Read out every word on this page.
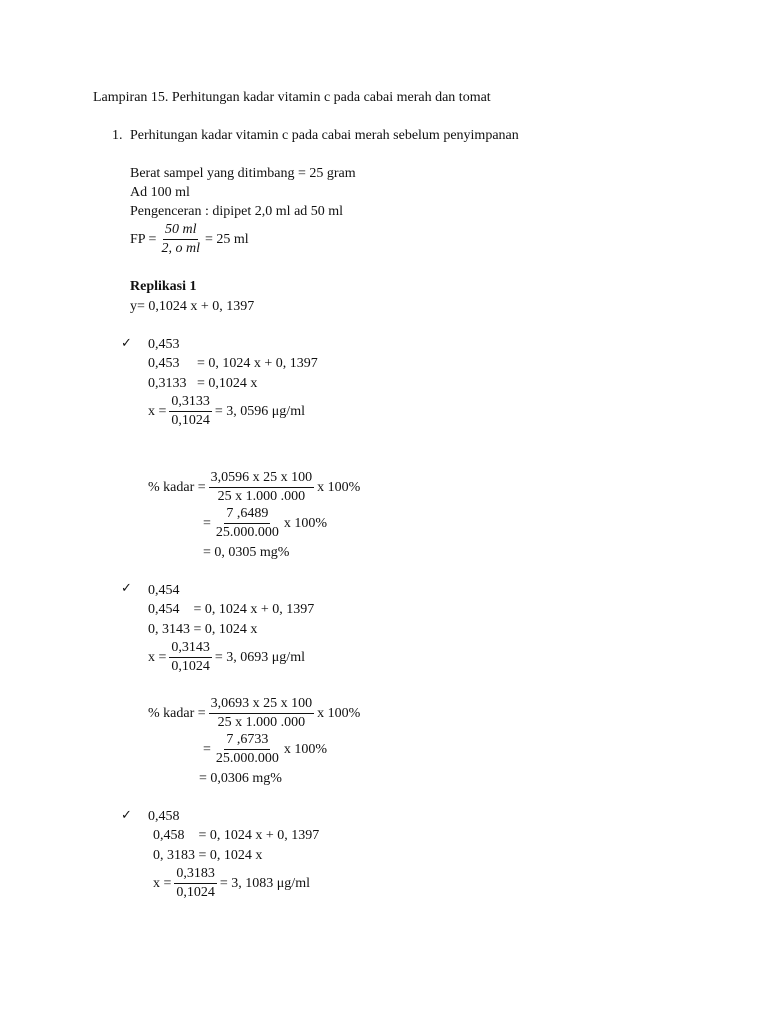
Lampiran 15. Perhitungan kadar vitamin c pada cabai merah dan tomat
1. Perhitungan kadar vitamin c pada cabai merah sebelum penyimpanan
Berat sampel yang ditimbang = 25 gram
Ad 100 ml
Pengenceran : dipipet 2,0 ml ad 50 ml
FP = $\frac{50 ml}{\text{2, o ml}} = 25$ ml
Replikasi 1
y= 0,1024 x + 0, 1397
✓ 0,453
0,453     = 0, 1024 x + 0, 1397
0,3133   = 0,1024 x
$x = \frac{0,3133}{0,1024} = 3$, 0596 μg/ml
% kadar = $\frac{3,0596 x 25 x 100}{25 x 1.000 .000}$ x 100%
= $\frac{7 ,6489}{25.000.000}$ x 100%
= 0, 0305 mg%
✓ 0,454
0,454    = 0, 1024 x + 0, 1397
0, 3143 = 0, 1024 x
$x = \frac{0,3143}{0,1024} = 3$, 0693 μg/ml
% kadar = $\frac{3,0693 x 25 x 100}{25 x 1.000 .000}$ x 100%
= $\frac{7 ,6733}{25.000.000}$ x 100%
= 0,0306 mg%
✓ 0,458
0,458    = 0, 1024 x + 0, 1397
0, 3183 = 0, 1024 x
$x = \frac{0,3183}{0,1024} = 3$, 1083 μg/ml
